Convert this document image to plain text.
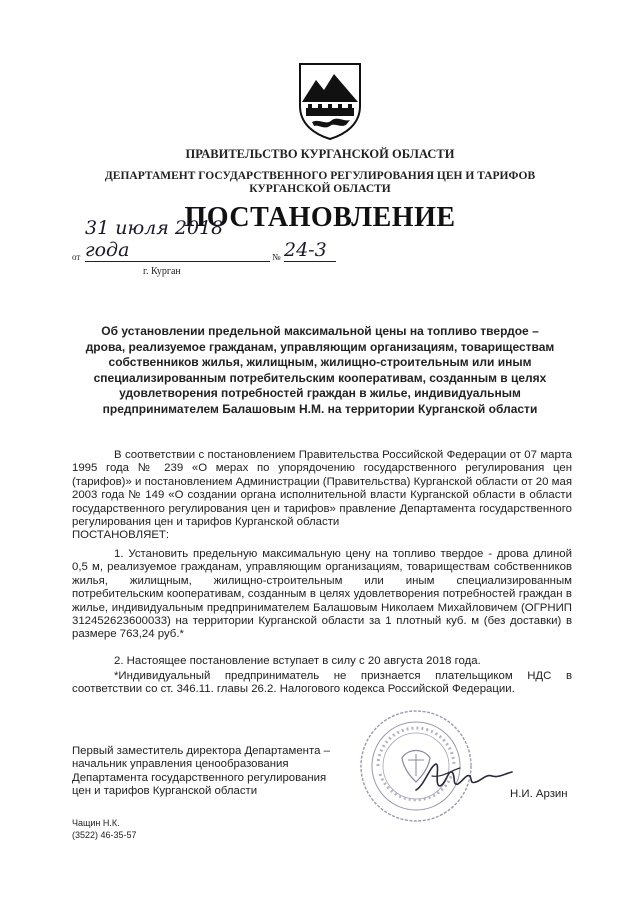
ПРАВИТЕЛЬСТВО КУРГАНСКОЙ ОБЛАСТИ
ДЕПАРТАМЕНТ ГОСУДАРСТВЕННОГО РЕГУЛИРОВАНИЯ ЦЕН И ТАРИФОВ
КУРГАНСКОЙ ОБЛАСТИ
ПОСТАНОВЛЕНИЕ
от
31 июля 2018 года	№ 24-3
г. Курган
Об установлении предельной максимальной цены на топливо твердое –
дрова, реализуемое гражданам, управляющим организациям, товариществам
собственников жилья, жилищным, жилищно-строительным или иным
специализированным потребительским кооперативам, созданным в целях
удовлетворения потребностей граждан в жилье, индивидуальным
предпринимателем Балашовым Н.М. на территории Курганской области

В соответствии с постановлением Правительства Российской Федерации от 07 марта 1995 года № 239 «О мерах по упорядочению государственного регулирования цен (тарифов)» и постановлением Администрации (Правительства) Курганской области от 20 мая 2003 года № 149 «О создании органа исполнительной власти Курганской области в области государственного регулирования цен и тарифов» правление Департамента государственного регулирования цен и тарифов Курганской области

ПОСТАНОВЛЯЕТ:

1. Установить предельную максимальную цену на топливо твердое - дрова длиной 0,5 м, реализуемое гражданам, управляющим организациям, товариществам собственников жилья, жилищным, жилищно-строительным или иным специализированным потребительским кооперативам, созданным в целях удовлетворения потребностей граждан в жилье, индивидуальным предпринимателем Балашовым Николаем Михайловичем (ОГРНИП 312452623600033) на территории Курганской области за 1 плотный куб. м (без доставки) в размере 763,24 руб.*

2. Настоящее постановление вступает в силу с 20 августа 2018 года.

*Индивидуальный предприниматель не признается плательщиком НДС в соответствии со ст. 346.11. главы 26.2. Налогового кодекса Российской Федерации.

Первый заместитель директора Департамента –
начальник управления ценообразования
Департамента государственного регулирования
цен и тарифов Курганской области	Н.И. Арзин
Чащин Н.К.
(3522) 46-35-57
